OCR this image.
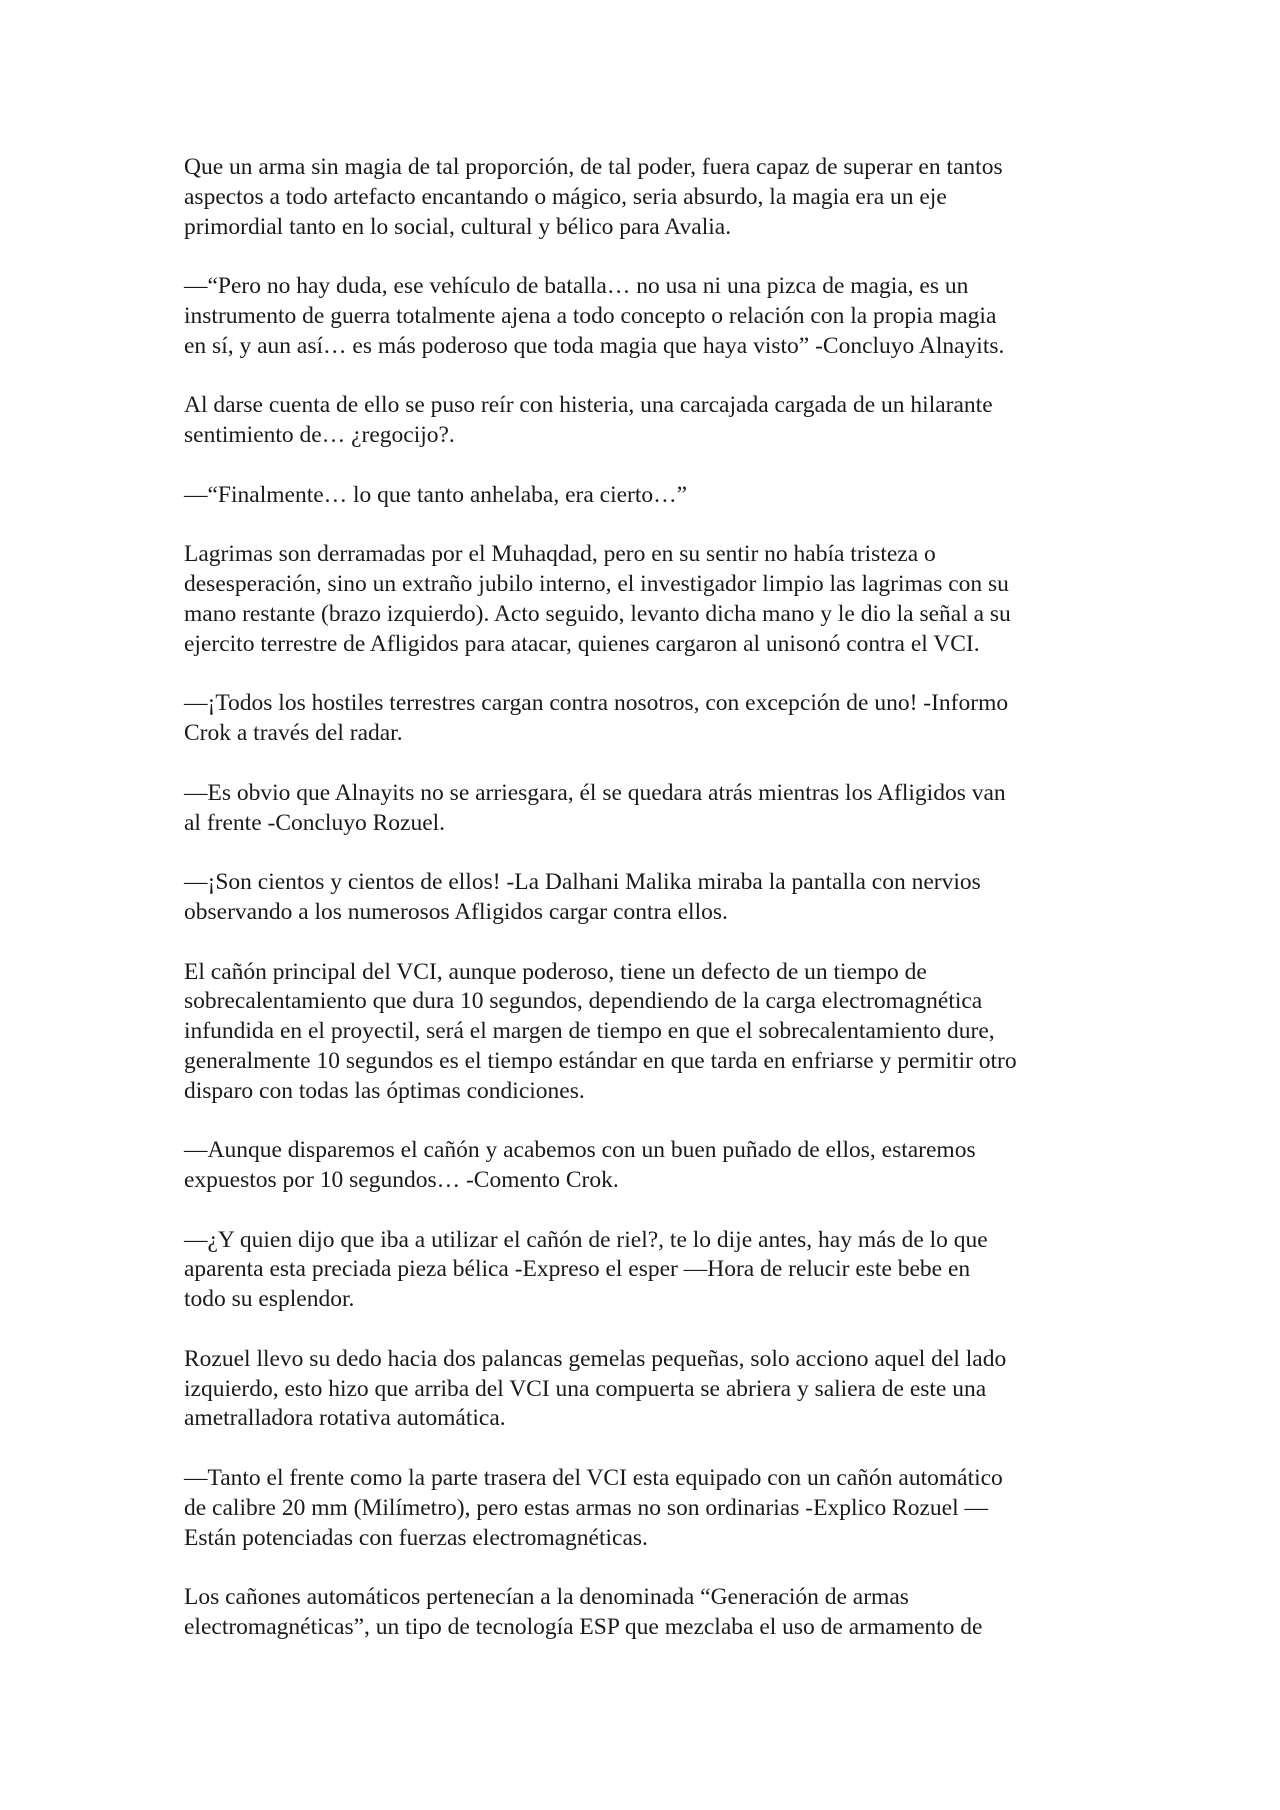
Que un arma sin magia de tal proporción, de tal poder, fuera capaz de superar en tantos
aspectos a todo artefacto encantando o mágico, seria absurdo, la magia era un eje
primordial tanto en lo social, cultural y bélico para Avalia.

—“Pero no hay duda, ese vehículo de batalla… no usa ni una pizca de magia, es un
instrumento de guerra totalmente ajena a todo concepto o relación con la propia magia
en sí, y aun así… es más poderoso que toda magia que haya visto” -Concluyo Alnayits.

Al darse cuenta de ello se puso reír con histeria, una carcajada cargada de un hilarante
sentimiento de… ¿regocijo?.

—“Finalmente… lo que tanto anhelaba, era cierto…”

Lagrimas son derramadas por el Muhaqdad, pero en su sentir no había tristeza o
desesperación, sino un extraño jubilo interno, el investigador limpio las lagrimas con su
mano restante (brazo izquierdo). Acto seguido, levanto dicha mano y le dio la señal a su
ejercito terrestre de Afligidos para atacar, quienes cargaron al unisonó contra el VCI.

—¡Todos los hostiles terrestres cargan contra nosotros, con excepción de uno! -Informo
Crok a través del radar.

—Es obvio que Alnayits no se arriesgara, él se quedara atrás mientras los Afligidos van
al frente -Concluyo Rozuel.

—¡Son cientos y cientos de ellos! -La Dalhani Malika miraba la pantalla con nervios
observando a los numerosos Afligidos cargar contra ellos.

El cañón principal del VCI, aunque poderoso, tiene un defecto de un tiempo de
sobrecalentamiento que dura 10 segundos, dependiendo de la carga electromagnética
infundida en el proyectil, será el margen de tiempo en que el sobrecalentamiento dure,
generalmente 10 segundos es el tiempo estándar en que tarda en enfriarse y permitir otro
disparo con todas las óptimas condiciones.

—Aunque disparemos el cañón y acabemos con un buen puñado de ellos, estaremos
expuestos por 10 segundos… -Comento Crok.

—¿Y quien dijo que iba a utilizar el cañón de riel?, te lo dije antes, hay más de lo que
aparenta esta preciada pieza bélica -Expreso el esper —Hora de relucir este bebe en
todo su esplendor.

Rozuel llevo su dedo hacia dos palancas gemelas pequeñas, solo acciono aquel del lado
izquierdo, esto hizo que arriba del VCI una compuerta se abriera y saliera de este una
ametralladora rotativa automática.

—Tanto el frente como la parte trasera del VCI esta equipado con un cañón automático
de calibre 20 mm (Milímetro), pero estas armas no son ordinarias -Explico Rozuel —
Están potenciadas con fuerzas electromagnéticas.

Los cañones automáticos pertenecían a la denominada “Generación de armas
electromagnéticas”, un tipo de tecnología ESP que mezclaba el uso de armamento de
